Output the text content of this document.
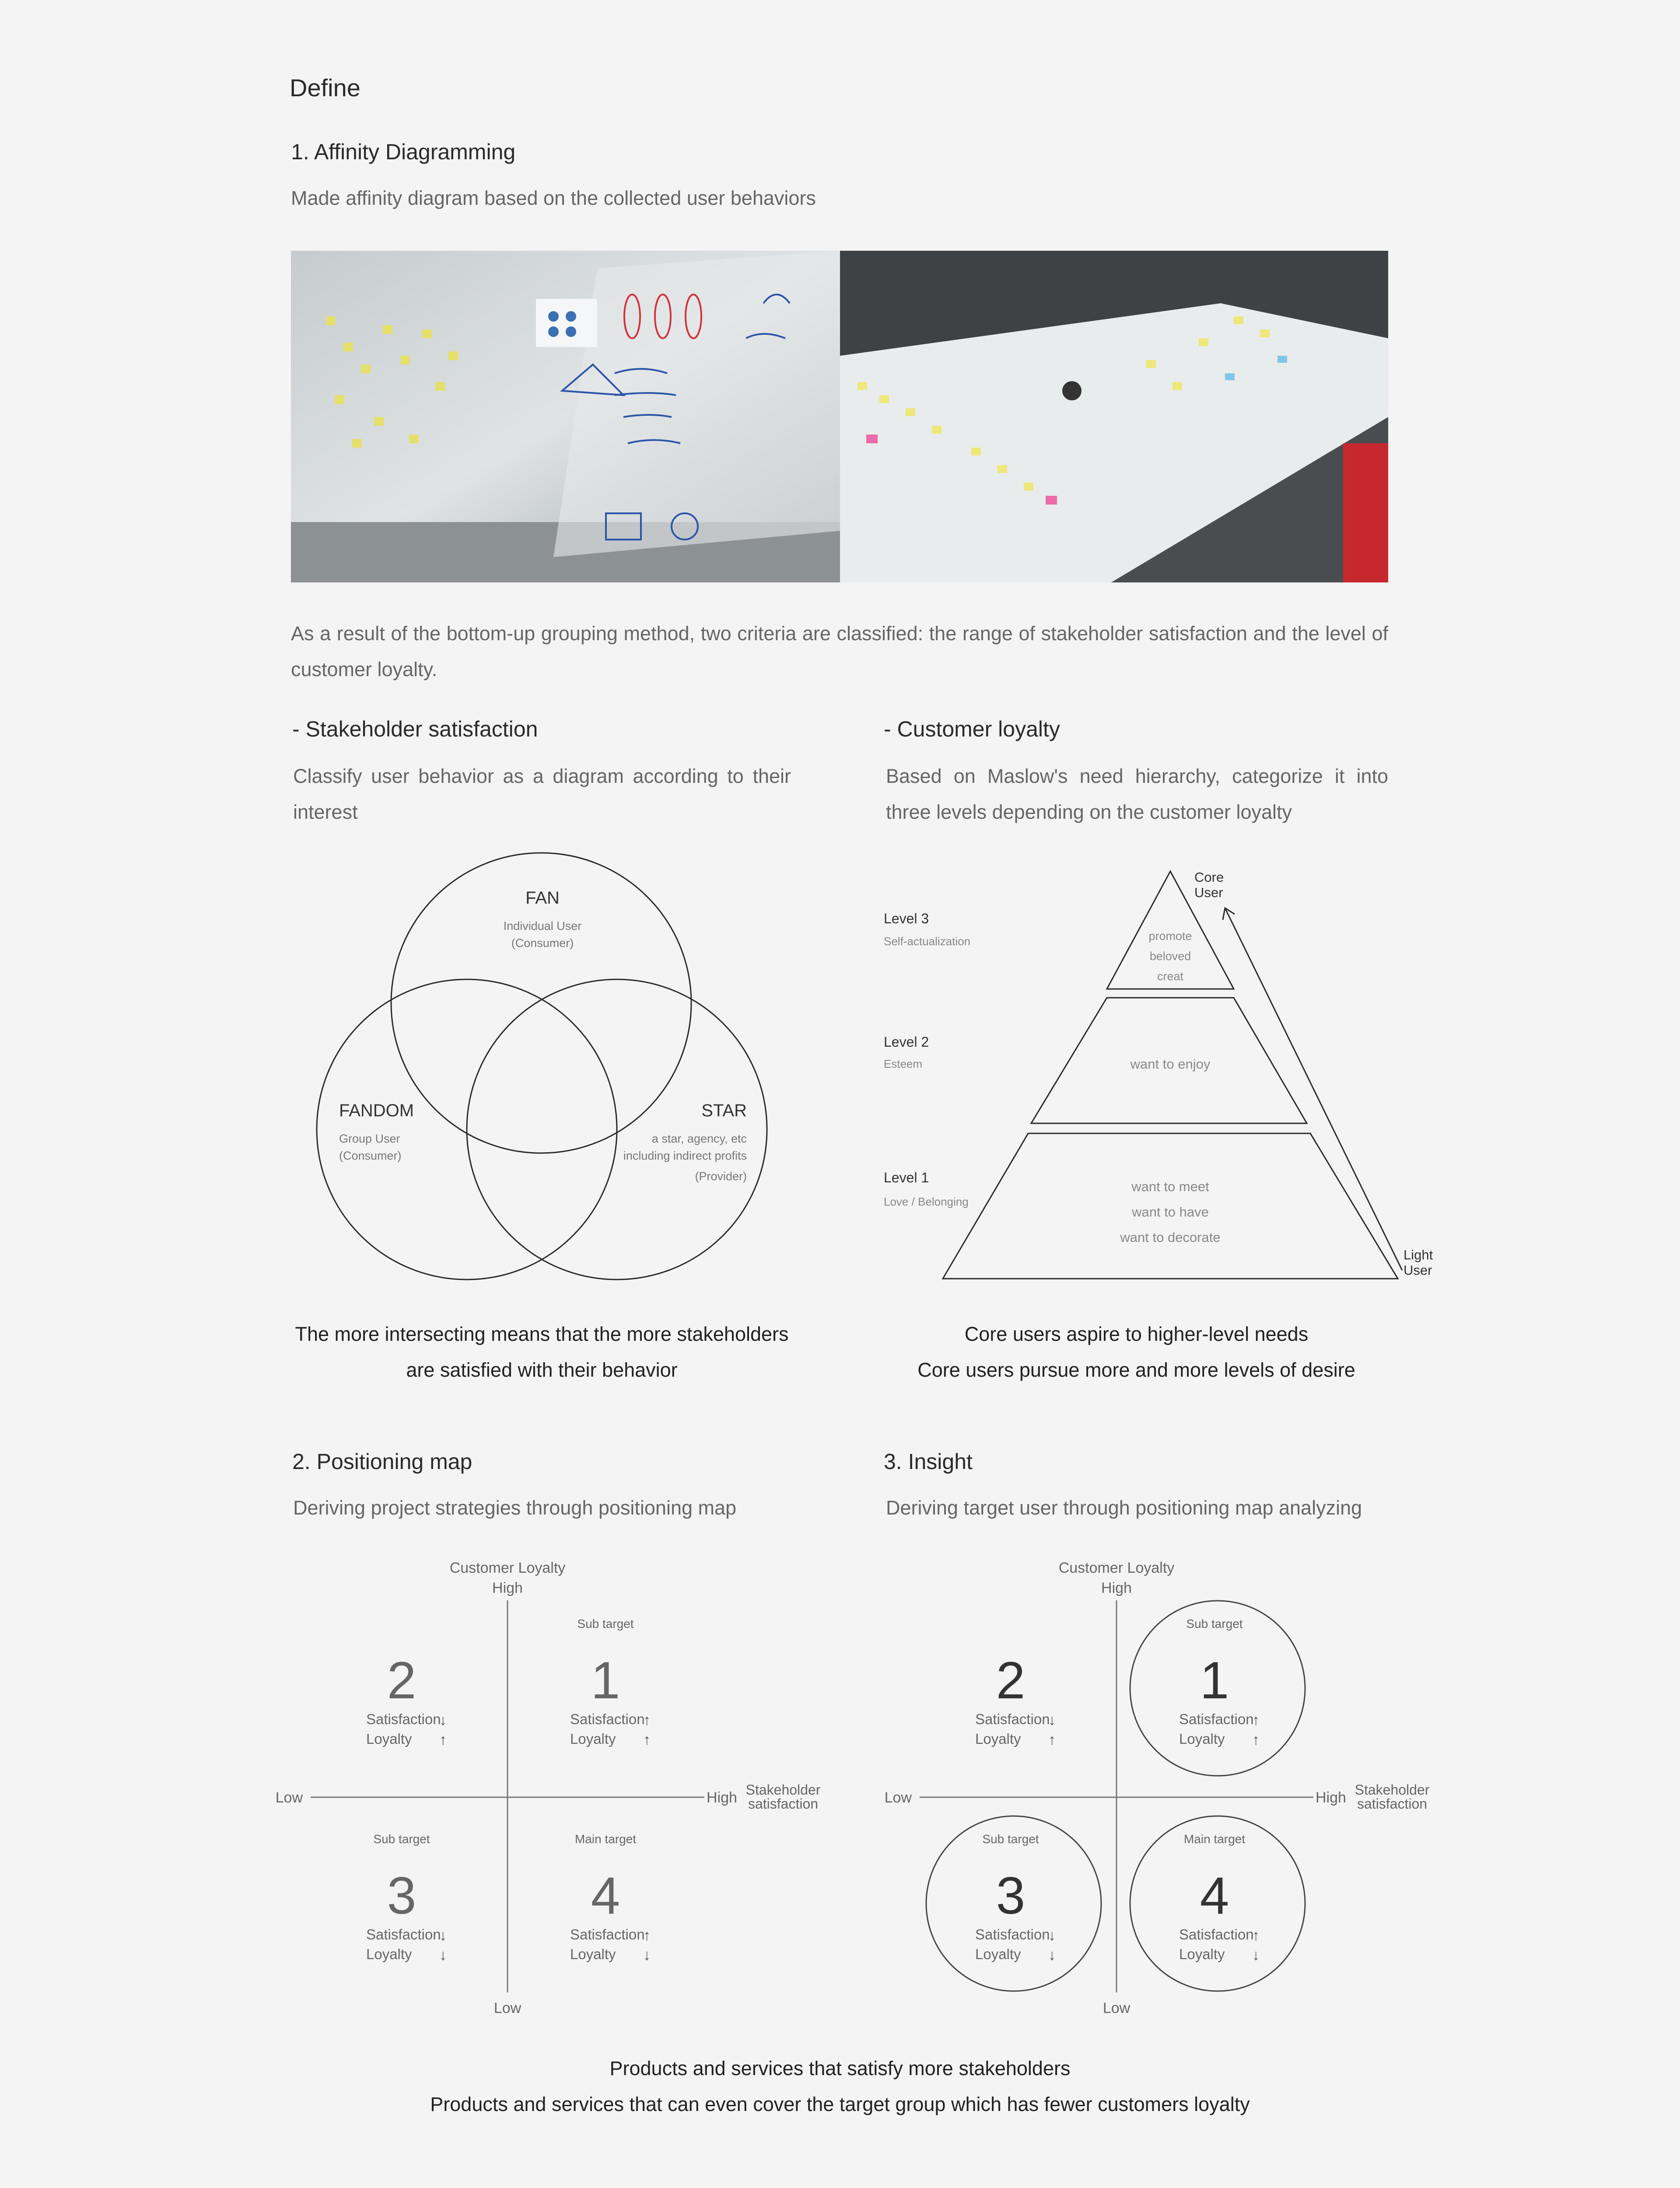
Define
1. Affinity Diagramming
Made affinity diagram based on the collected user behaviors
As a result of the bottom-up grouping method, two criteria are classified: the range of stakeholder satisfaction and the level of customer loyalty.
- Stakeholder satisfaction
Classify user behavior as a diagram according to their interest
- Customer loyalty
Based on Maslow's need hierarchy, categorize it into three levels depending on the customer loyalty
FAN
Individual User
(Consumer)
FANDOM
Group User
(Consumer)
STAR
a star, agency, etc
including indirect profits
(Provider)
Core
User
Light
User
Level 3
Self-actualization	promote
beloved
creat
Level 2
Esteem	want to enjoy
Level 1
Love / Belonging
want to meet
want to have
want to decorate
The more intersecting means that the more stakeholders
are satisfied with their behavior
Core users aspire to higher-level needs
Core users pursue more and more levels of desire
2. Positioning map
Deriving project strategies through positioning map
3. Insight
Deriving target user through positioning map analyzing
Customer Loyalty
High
Low
Low	High Stakeholder
satisfaction
2
Satisfaction
↓
Loyalty ↑
Sub target
1
Satisfaction
↑
Loyalty ↑
Sub target
3
Satisfaction
↓
Loyalty ↓
Main target
4
Satisfaction
↑
Loyalty ↓
Customer Loyalty
High
Low
Low	High Stakeholder
satisfaction
2
Satisfaction
↓
Loyalty ↑
Sub target
1
Satisfaction
↑
Loyalty ↑
Sub target
3
Satisfaction
↓
Loyalty ↓
Main target
4
Satisfaction
↑
Loyalty ↓
Products and services that satisfy more stakeholders
Products and services that can even cover the target group which has fewer customers loyalty
